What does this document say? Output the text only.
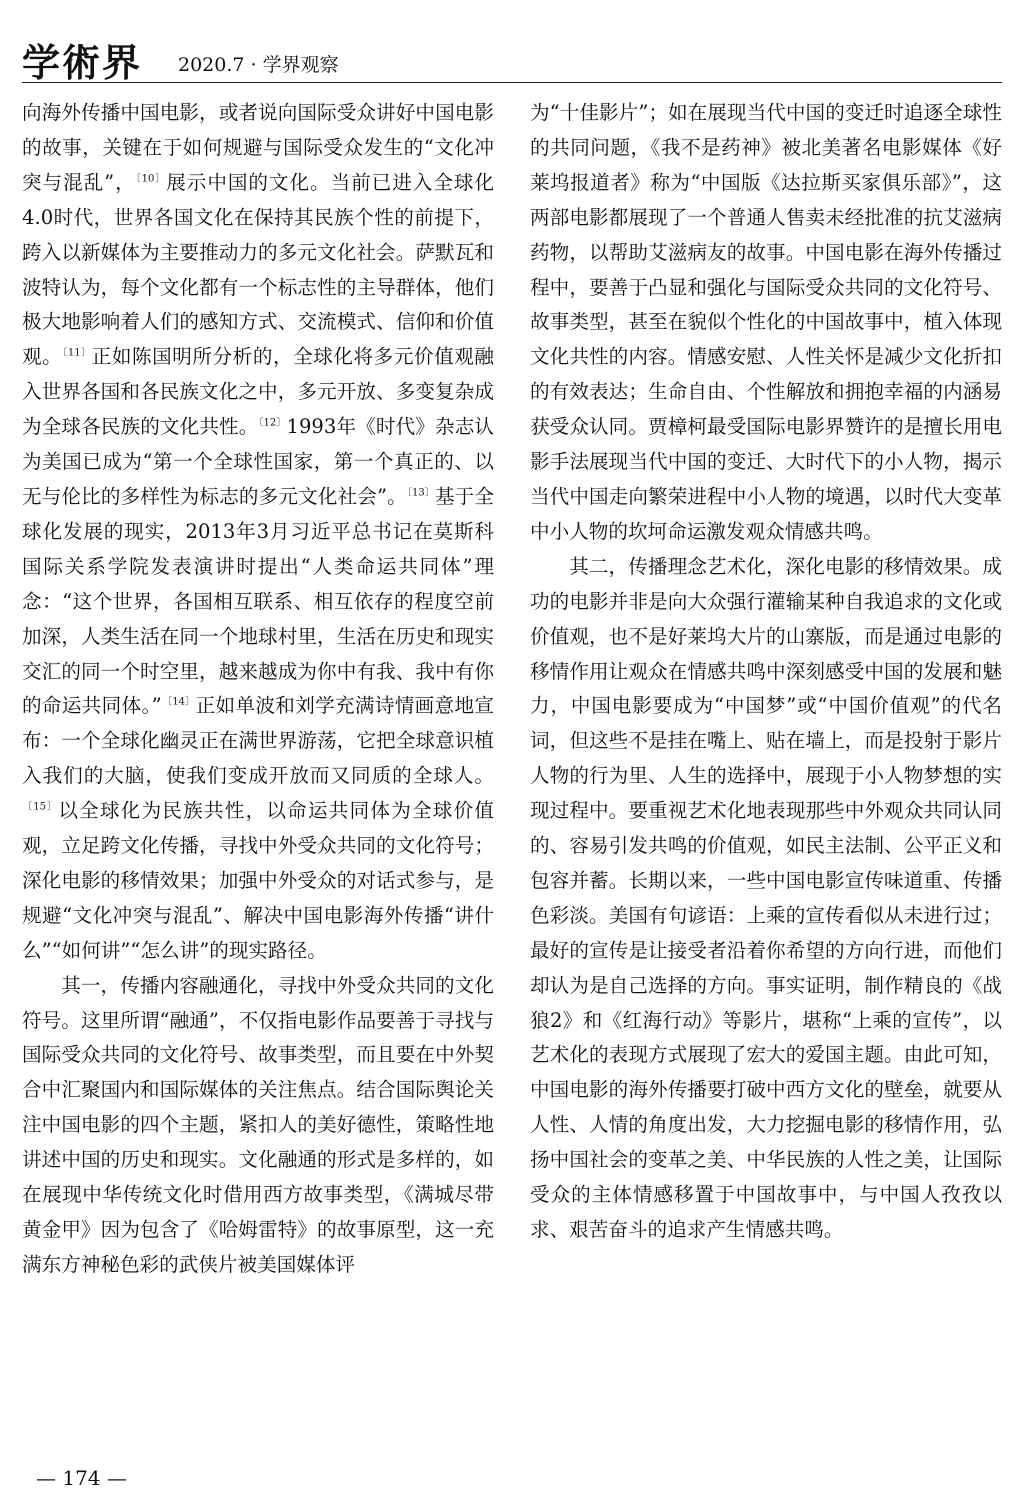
学術界 2020.7 · 学界观察

向海外传播中国电影，或者说向国际受众讲好中国电影的故事，关键在于如何规避与国际受众发生的“文化冲突与混乱”，$^{〔10〕}$展示中国的文化。当前已进入全球化4.0时代，世界各国文化在保持其民族个性的前提下，跨入以新媒体为主要推动力的多元文化社会。萨默瓦和波特认为，每个文化都有一个标志性的主导群体，他们极大地影响着人们的感知方式、交流模式、信仰和价值观。$^{〔11〕}$正如陈国明所分析的，全球化将多元价值观融入世界各国和各民族文化之中，多元开放、多变复杂成为全球各民族的文化共性。$^{〔12〕}$1993年《时代》杂志认为美国已成为“第一个全球性国家，第一个真正的、以无与伦比的多样性为标志的多元文化社会”。$^{〔13〕}$基于全球化发展的现实，2013年3月习近平总书记在莫斯科国际关系学院发表演讲时提出“人类命运共同体”理念：“这个世界，各国相互联系、相互依存的程度空前加深，人类生活在同一个地球村里，生活在历史和现实交汇的同一个时空里，越来越成为你中有我、我中有你的命运共同体。”$^{〔14〕}$正如单波和刘学充满诗情画意地宣布：一个全球化幽灵正在满世界游荡，它把全球意识植入我们的大脑，使我们变成开放而又同质的全球人。$^{〔15〕}$以全球化为民族共性，以命运共同体为全球价值观，立足跨文化传播，寻找中外受众共同的文化符号；深化电影的移情效果；加强中外受众的对话式参与，是规避“文化冲突与混乱”、解决中国电影海外传播“讲什么”“如何讲”“怎么讲”的现实路径。

其一，传播内容融通化，寻找中外受众共同的文化符号。这里所谓“融通”，不仅指电影作品要善于寻找与国际受众共同的文化符号、故事类型，而且要在中外契合中汇聚国内和国际媒体的关注焦点。结合国际舆论关注中国电影的四个主题，紧扣人的美好德性，策略性地讲述中国的历史和现实。文化融通的形式是多样的，如在展现中华传统文化时借用西方故事类型，《满城尽带黄金甲》因为包含了《哈姆雷特》的故事原型，这一充满东方神秘色彩的武侠片被美国媒体评

为“十佳影片”；如在展现当代中国的变迁时追逐全球性的共同问题，《我不是药神》被北美著名电影媒体《好莱坞报道者》称为“中国版《达拉斯买家俱乐部》”，这两部电影都展现了一个普通人售卖未经批准的抗艾滋病药物，以帮助艾滋病友的故事。中国电影在海外传播过程中，要善于凸显和强化与国际受众共同的文化符号、故事类型，甚至在貌似个性化的中国故事中，植入体现文化共性的内容。情感安慰、人性关怀是减少文化折扣的有效表达；生命自由、个性解放和拥抱幸福的内涵易获受众认同。贾樟柯最受国际电影界赞许的是擅长用电影手法展现当代中国的变迁、大时代下的小人物，揭示当代中国走向繁荣进程中小人物的境遇，以时代大变革中小人物的坎坷命运激发观众情感共鸣。

其二，传播理念艺术化，深化电影的移情效果。成功的电影并非是向大众强行灌输某种自我追求的文化或价值观，也不是好莱坞大片的山寨版，而是通过电影的移情作用让观众在情感共鸣中深刻感受中国的发展和魅力，中国电影要成为“中国梦”或“中国价值观”的代名词，但这些不是挂在嘴上、贴在墙上，而是投射于影片人物的行为里、人生的选择中，展现于小人物梦想的实现过程中。要重视艺术化地表现那些中外观众共同认同的、容易引发共鸣的价值观，如民主法制、公平正义和包容并蓄。长期以来，一些中国电影宣传味道重、传播色彩淡。美国有句谚语：上乘的宣传看似从未进行过；最好的宣传是让接受者沿着你希望的方向行进，而他们却认为是自己选择的方向。事实证明，制作精良的《战狼2》和《红海行动》等影片，堪称“上乘的宣传”，以艺术化的表现方式展现了宏大的爱国主题。由此可知，中国电影的海外传播要打破中西方文化的壁垒，就要从人性、人情的角度出发，大力挖掘电影的移情作用，弘扬中国社会的变革之美、中华民族的人性之美，让国际受众的主体情感移置于中国故事中，与中国人孜孜以求、艰苦奋斗的追求产生情感共鸣。

— 174 —
